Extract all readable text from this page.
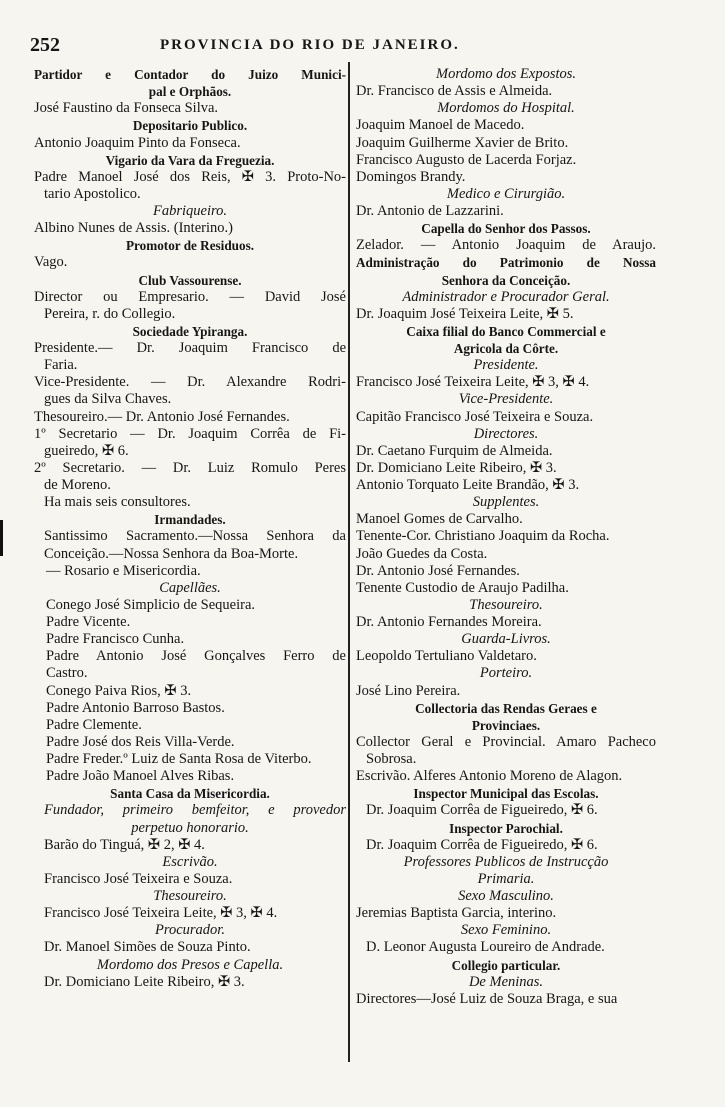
252	PROVINCIA DO RIO DE JANEIRO.
Partidor e Contador do Juizo Munici-
pal e Orphãos.
José Faustino da Fonseca Silva.
Depositario Publico.
Antonio Joaquim Pinto da Fonseca.
Vigario da Vara da Freguezia.
Padre Manoel José dos Reis, ✠ 3. Proto-No-
tario Apostolico.
Fabriqueiro.
Albino Nunes de Assis. (Interino.)
Promotor de Residuos.
Vago.
Club Vassourense.
Director ou Empresario. — David José
Pereira, r. do Collegio.
Sociedade Ypiranga.
Presidente.— Dr. Joaquim Francisco de
Faria.
Vice-Presidente. — Dr. Alexandre Rodri-
gues da Silva Chaves.
Thesoureiro.— Dr. Antonio José Fernandes.
1º Secretario — Dr. Joaquim Corrêa de Fi-
gueiredo, ✠ 6.
2º Secretario. — Dr. Luiz Romulo Peres
de Moreno.
Ha mais seis consultores.
Irmandades.
Santissimo Sacramento.—Nossa Senhora da
Conceição.—Nossa Senhora da Boa-Morte.
— Rosario e Misericordia.
Capellães.
Conego José Simplicio de Sequeira.
Padre Vicente.
Padre Francisco Cunha.
Padre Antonio José Gonçalves Ferro de
Castro.
Conego Paiva Rios, ✠ 3.
Padre Antonio Barroso Bastos.
Padre Clemente.
Padre José dos Reis Villa-Verde.
Padre Freder.º Luiz de Santa Rosa de Viterbo.
Padre João Manoel Alves Ribas.
Santa Casa da Misericordia.
Fundador, primeiro bemfeitor, e provedor
perpetuo honorario.
Barão do Tinguá, ✠ 2, ✠ 4.
Escrivão.
Francisco José Teixeira e Souza.
Thesoureiro.
Francisco José Teixeira Leite, ✠ 3, ✠ 4.
Procurador.
Dr. Manoel Simões de Souza Pinto.
Mordomo dos Presos e Capella.
Dr. Domiciano Leite Ribeiro, ✠ 3.
Mordomo dos Expostos.
Dr. Francisco de Assis e Almeida.
Mordomos do Hospital.
Joaquim Manoel de Macedo.
Joaquim Guilherme Xavier de Brito.
Francisco Augusto de Lacerda Forjaz.
Domingos Brandy.
Medico e Cirurgião.
Dr. Antonio de Lazzarini.
Capella do Senhor dos Passos.
Zelador. — Antonio Joaquim de Araujo.
Administração do Patrimonio de Nossa
Senhora da Conceição.
Administrador e Procurador Geral.
Dr. Joaquim José Teixeira Leite, ✠ 5.
Caixa filial do Banco Commercial e
Agricola da Côrte.
Presidente.
Francisco José Teixeira Leite, ✠ 3, ✠ 4.
Vice-Presidente.
Capitão Francisco José Teixeira e Souza.
Directores.
Dr. Caetano Furquim de Almeida.
Dr. Domiciano Leite Ribeiro, ✠ 3.
Antonio Torquato Leite Brandão, ✠ 3.
Supplentes.
Manoel Gomes de Carvalho.
Tenente-Cor. Christiano Joaquim da Rocha.
João Guedes da Costa.
Dr. Antonio José Fernandes.
Tenente Custodio de Araujo Padilha.
Thesoureiro.
Dr. Antonio Fernandes Moreira.
Guarda-Livros.
Leopoldo Tertuliano Valdetaro.
Porteiro.
José Lino Pereira.
Collectoria das Rendas Geraes e
Provinciaes.
Collector Geral e Provincial. Amaro Pacheco
Sobrosa.
Escrivão. Alferes Antonio Moreno de Alagon.
Inspector Municipal das Escolas.
Dr. Joaquim Corrêa de Figueiredo, ✠ 6.
Inspector Parochial.
Dr. Joaquim Corrêa de Figueiredo, ✠ 6.
Professores Publicos de Instrucção
Primaria.
Sexo Masculino.
Jeremias Baptista Garcia, interino.
Sexo Feminino.
D. Leonor Augusta Loureiro de Andrade.
Collegio particular.
De Meninas.
Directores—José Luiz de Souza Braga, e sua
